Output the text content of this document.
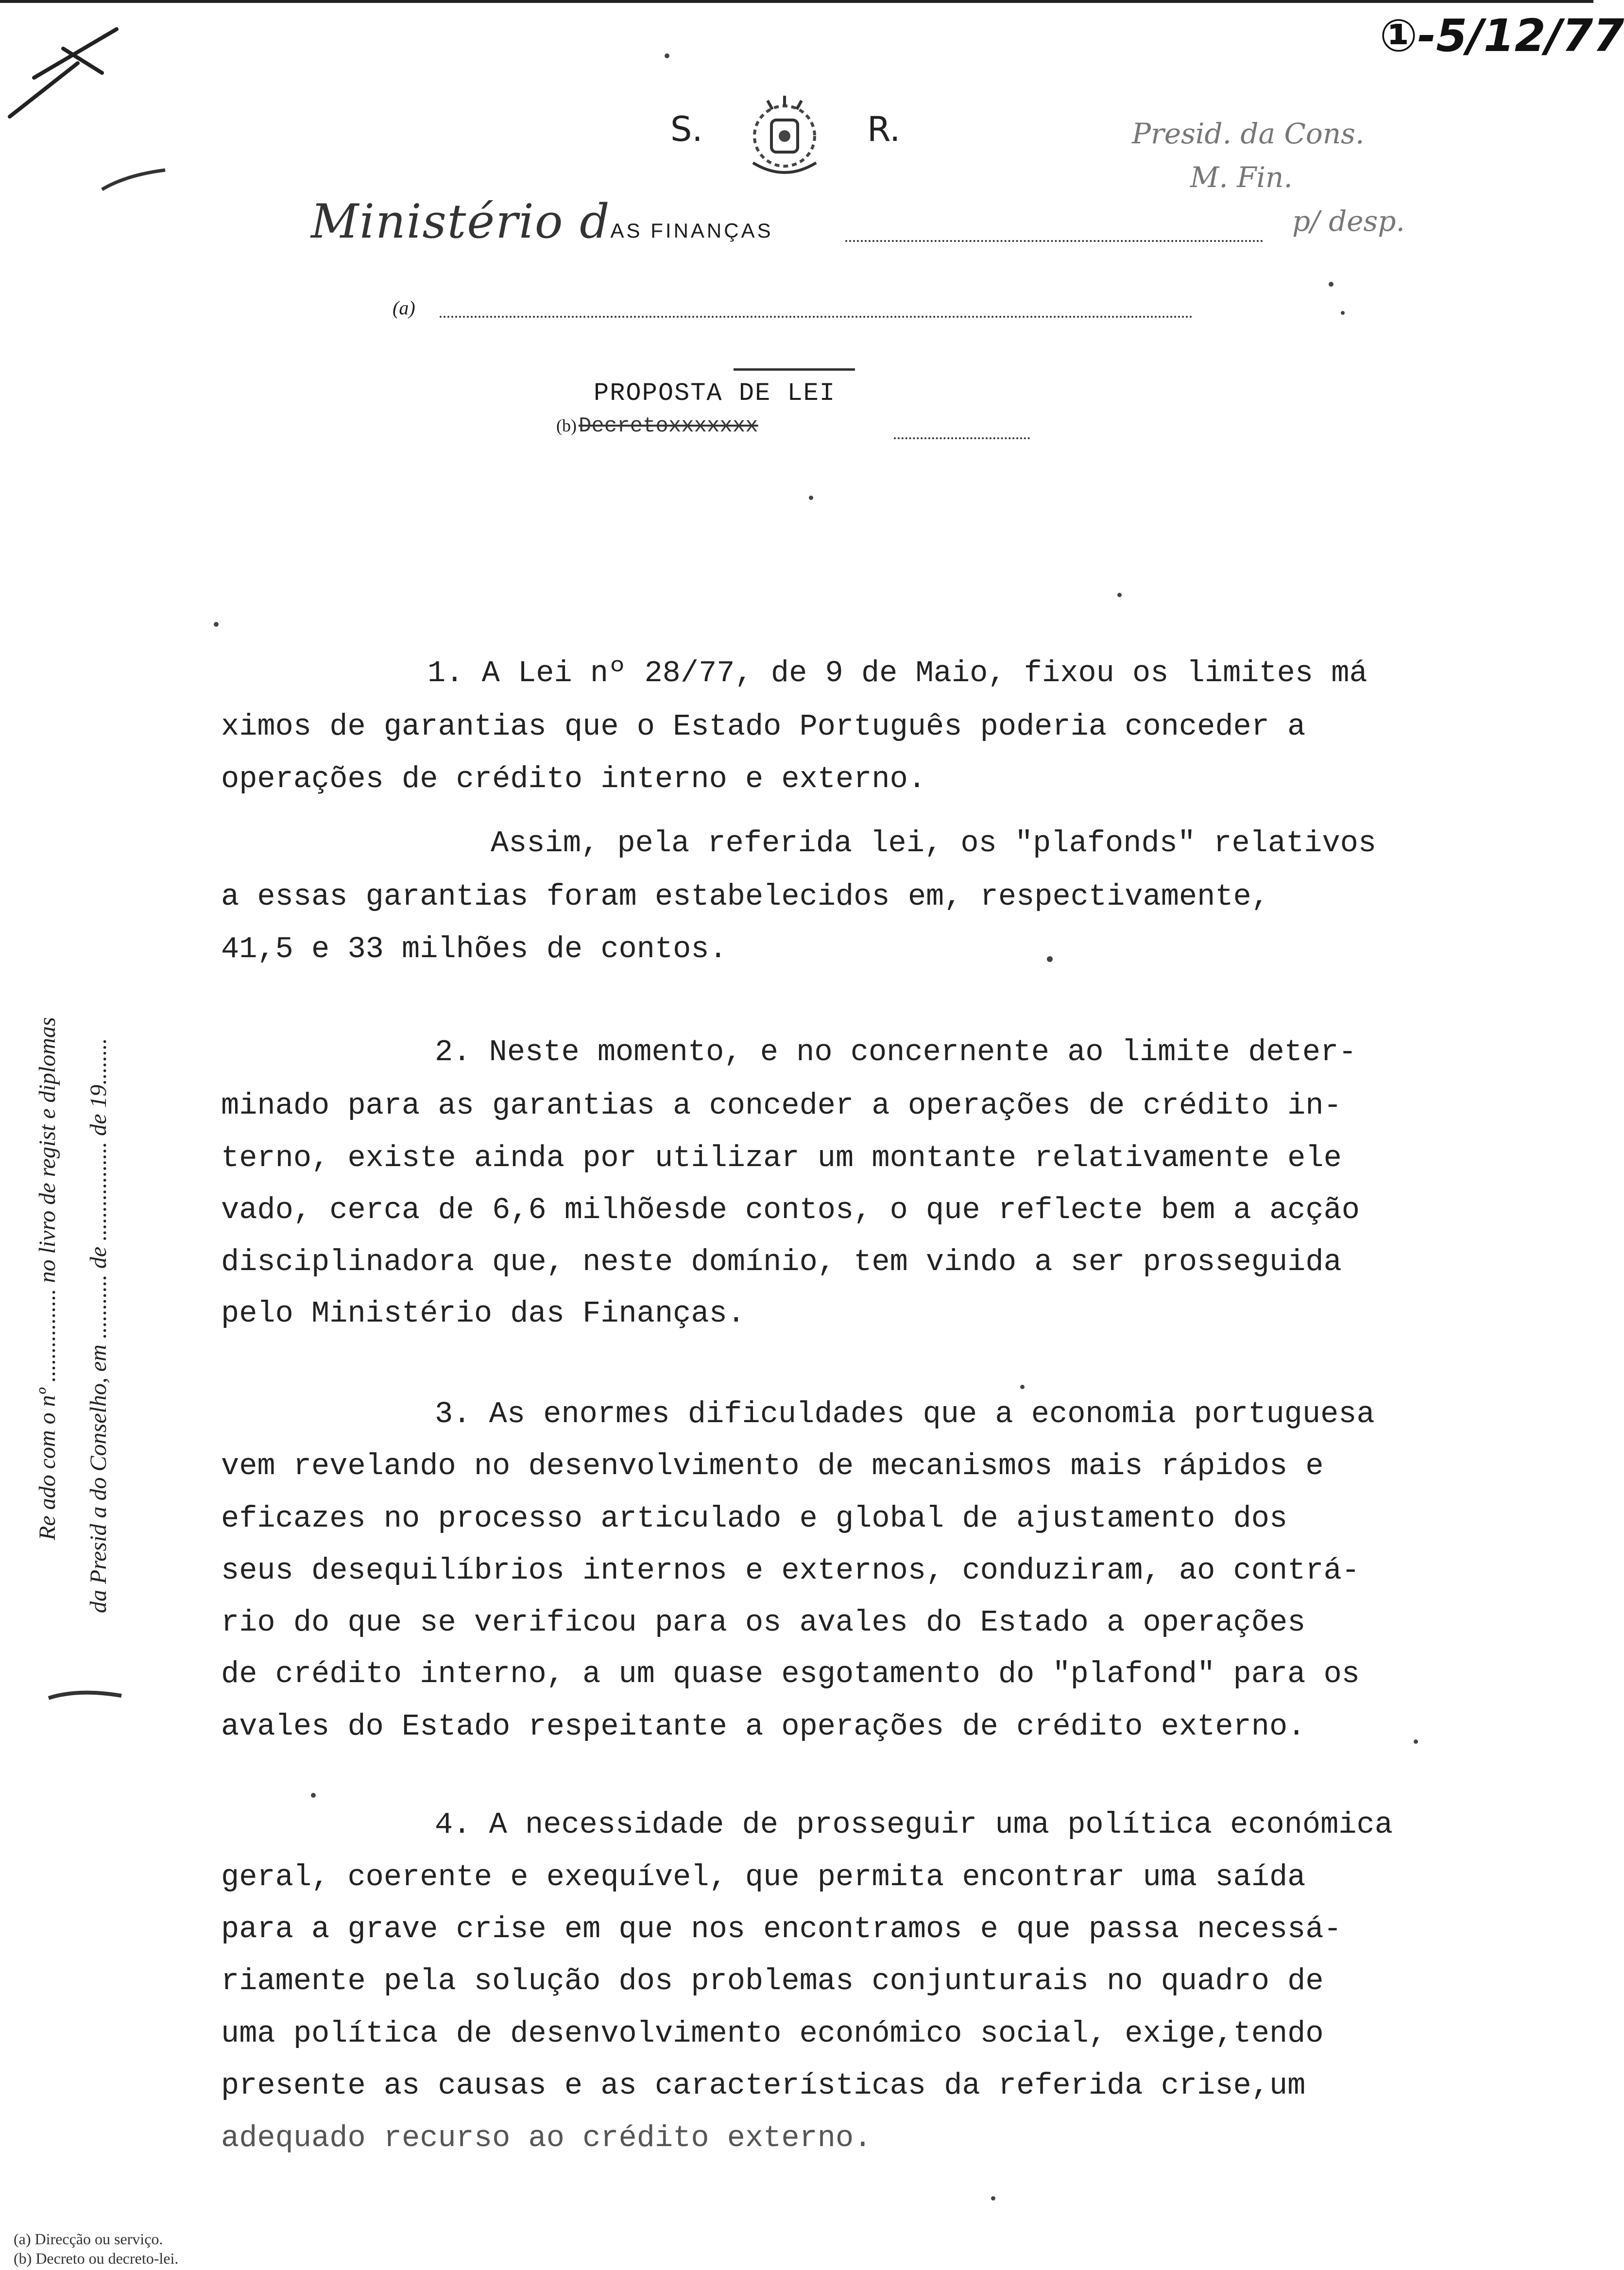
①-5/12/77
Presid. da Cons.
M. Fin.
p/ desp.
S.	R.
Ministério dAS FINANÇAS
(a)
PROPOSTA DE LEI
(b) Decretoxxxxxxx
1. A Lei nº 28/77, de 9 de Maio, fixou os limites má
ximos de garantias que o Estado Português poderia conceder a
operações de crédito interno e externo.
Assim, pela referida lei, os "plafonds" relativos
a essas garantias foram estabelecidos em, respectivamente,
41,5 e 33 milhões de contos.
2. Neste momento, e no concernente ao limite deter-
minado para as garantias a conceder a operações de crédito in-
terno, existe ainda por utilizar um montante relativamente ele
vado, cerca de 6,6 milhõesde contos, o que reflecte bem a acção
disciplinadora que, neste domínio, tem vindo a ser prosseguida
pelo Ministério das Finanças.
3. As enormes dificuldades que a economia portuguesa
vem revelando no desenvolvimento de mecanismos mais rápidos e
eficazes no processo articulado e global de ajustamento dos
seus desequilíbrios internos e externos, conduziram, ao contrá-
rio do que se verificou para os avales do Estado a operações
de crédito interno, a um quase esgotamento do "plafond" para os
avales do Estado respeitante a operações de crédito externo.
4. A necessidade de prosseguir uma política económica
geral, coerente e exequível, que permita encontrar uma saída
para a grave crise em que nos encontramos e que passa necessá-
riamente pela solução dos problemas conjunturais no quadro de
uma política de desenvolvimento económico social, exige,tendo
presente as causas e as características da referida crise,um
adequado recurso ao crédito externo.
Re ado com o nº ................ no livro de regist e diplomas da Presid a do Conselho, em ........... de ................. de 19........
(a) Direcção ou serviço.
(b) Decreto ou decreto-lei.
